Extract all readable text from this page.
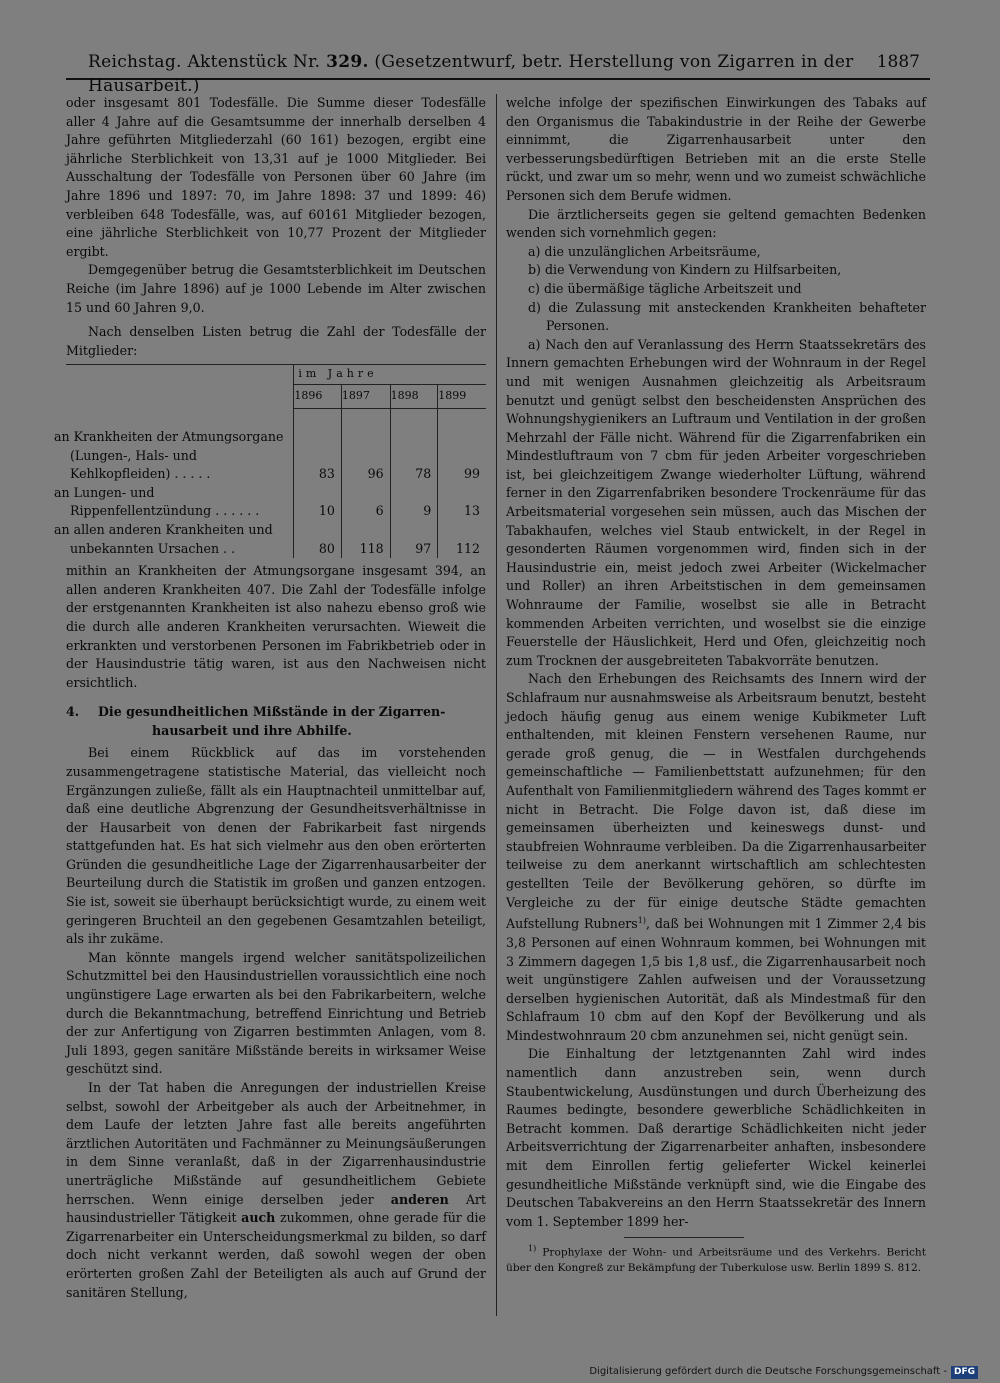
Reichstag. Aktenstück Nr. 329. (Gesetzentwurf, betr. Herstellung von Zigarren in der Hausarbeit.)
1887

oder insgesamt 801 Todesfälle. Die Summe dieser Todesfälle aller 4 Jahre auf die Gesamtsumme der innerhalb derselben 4 Jahre geführten Mitgliederzahl (60 161) bezogen, ergibt eine jährliche Sterblichkeit von 13,31 auf je 1000 Mitglieder. Bei Ausschaltung der Todesfälle von Personen über 60 Jahre (im Jahre 1896 und 1897: 70, im Jahre 1898: 37 und 1899: 46) verbleiben 648 Todesfälle, was, auf 60161 Mitglieder bezogen, eine jährliche Sterblichkeit von 10,77 Prozent der Mitglieder ergibt.

Demgegenüber betrug die Gesamtsterblichkeit im Deutschen Reiche (im Jahre 1896) auf je 1000 Lebende im Alter zwischen 15 und 60 Jahren 9,0.

Nach denselben Listen betrug die Zahl der Todesfälle der Mitglieder:

	im Jahre			
	1896	1897	1898	1899
an Krankheiten der Atmungsorgane (Lungen-, Hals- und Kehlkopfleiden) . . . . .	83	96	78	99
an Lungen- und Rippenfellentzündung . . . . . .	10	6	9	13
an allen anderen Krankheiten und unbekannten Ursachen . .	80	118	97	112

mithin an Krankheiten der Atmungsorgane insgesamt 394, an allen anderen Krankheiten 407. Die Zahl der Todesfälle infolge der erstgenannten Krankheiten ist also nahezu ebenso groß wie die durch alle anderen Krankheiten verursachten. Wieweit die erkrankten und verstorbenen Personen im Fabrikbetrieb oder in der Hausindustrie tätig waren, ist aus den Nachweisen nicht ersichtlich.

4. Die gesundheitlichen Mißstände in der Zigarren-
hausarbeit und ihre Abhilfe.

Bei einem Rückblick auf das im vorstehenden zusammengetragene statistische Material, das vielleicht noch Ergänzungen zuließe, fällt als ein Hauptnachteil unmittelbar auf, daß eine deutliche Abgrenzung der Gesundheitsverhältnisse in der Hausarbeit von denen der Fabrikarbeit fast nirgends stattgefunden hat. Es hat sich vielmehr aus den oben erörterten Gründen die gesundheitliche Lage der Zigarrenhausarbeiter der Beurteilung durch die Statistik im großen und ganzen entzogen. Sie ist, soweit sie überhaupt berücksichtigt wurde, zu einem weit geringeren Bruchteil an den gegebenen Gesamtzahlen beteiligt, als ihr zukäme.

Man könnte mangels irgend welcher sanitätspolizeilichen Schutzmittel bei den Hausindustriellen voraussichtlich eine noch ungünstigere Lage erwarten als bei den Fabrikarbeitern, welche durch die Bekanntmachung, betreffend Einrichtung und Betrieb der zur Anfertigung von Zigarren bestimmten Anlagen, vom 8. Juli 1893, gegen sanitäre Mißstände bereits in wirksamer Weise geschützt sind.

In der Tat haben die Anregungen der industriellen Kreise selbst, sowohl der Arbeitgeber als auch der Arbeitnehmer, in dem Laufe der letzten Jahre fast alle bereits angeführten ärztlichen Autoritäten und Fachmänner zu Meinungsäußerungen in dem Sinne veranlaßt, daß in der Zigarrenhausindustrie unerträgliche Mißstände auf gesundheitlichem Gebiete herrschen. Wenn einige derselben jeder anderen Art hausindustrieller Tätigkeit auch zukommen, ohne gerade für die Zigarrenarbeiter ein Unterscheidungsmerkmal zu bilden, so darf doch nicht verkannt werden, daß sowohl wegen der oben erörterten großen Zahl der Beteiligten als auch auf Grund der sanitären Stellung,

welche infolge der spezifischen Einwirkungen des Tabaks auf den Organismus die Tabakindustrie in der Reihe der Gewerbe einnimmt, die Zigarrenhausarbeit unter den verbesserungsbedürftigen Betrieben mit an die erste Stelle rückt, und zwar um so mehr, wenn und wo zumeist schwächliche Personen sich dem Berufe widmen.

Die ärztlicherseits gegen sie geltend gemachten Bedenken wenden sich vornehmlich gegen:

a) die unzulänglichen Arbeitsräume,
b) die Verwendung von Kindern zu Hilfsarbeiten,
c) die übermäßige tägliche Arbeitszeit und
d) die Zulassung mit ansteckenden Krankheiten behafteter Personen.

a) Nach den auf Veranlassung des Herrn Staatssekretärs des Innern gemachten Erhebungen wird der Wohnraum in der Regel und mit wenigen Ausnahmen gleichzeitig als Arbeitsraum benutzt und genügt selbst den bescheidensten Ansprüchen des Wohnungshygienikers an Luftraum und Ventilation in der großen Mehrzahl der Fälle nicht. Während für die Zigarrenfabriken ein Mindestluftraum von 7 cbm für jeden Arbeiter vorgeschrieben ist, bei gleichzeitigem Zwange wiederholter Lüftung, während ferner in den Zigarrenfabriken besondere Trockenräume für das Arbeitsmaterial vorgesehen sein müssen, auch das Mischen der Tabakhaufen, welches viel Staub entwickelt, in der Regel in gesonderten Räumen vorgenommen wird, finden sich in der Hausindustrie ein, meist jedoch zwei Arbeiter (Wickelmacher und Roller) an ihren Arbeitstischen in dem gemeinsamen Wohnraume der Familie, woselbst sie alle in Betracht kommenden Arbeiten verrichten, und woselbst sie die einzige Feuerstelle der Häuslichkeit, Herd und Ofen, gleichzeitig noch zum Trocknen der ausgebreiteten Tabakvorräte benutzen.

Nach den Erhebungen des Reichsamts des Innern wird der Schlafraum nur ausnahmsweise als Arbeitsraum benutzt, besteht jedoch häufig genug aus einem wenige Kubikmeter Luft enthaltenden, mit kleinen Fenstern versehenen Raume, nur gerade groß genug, die — in Westfalen durchgehends gemeinschaftliche — Familienbettstatt aufzunehmen; für den Aufenthalt von Familienmitgliedern während des Tages kommt er nicht in Betracht. Die Folge davon ist, daß diese im gemeinsamen überheizten und keineswegs dunst- und staubfreien Wohnraume verbleiben. Da die Zigarrenhausarbeiter teilweise zu dem anerkannt wirtschaftlich am schlechtesten gestellten Teile der Bevölkerung gehören, so dürfte im Vergleiche zu der für einige deutsche Städte gemachten Aufstellung Rubners$^{1)}$, daß bei Wohnungen mit 1 Zimmer 2,4 bis 3,8 Personen auf einen Wohnraum kommen, bei Wohnungen mit 3 Zimmern dagegen 1,5 bis 1,8 usf., die Zigarrenhausarbeit noch weit ungünstigere Zahlen aufweisen und der Voraussetzung derselben hygienischen Autorität, daß als Mindestmaß für den Schlafraum 10 cbm auf den Kopf der Bevölkerung und als Mindestwohnraum 20 cbm anzunehmen sei, nicht genügt sein.

Die Einhaltung der letztgenannten Zahl wird indes namentlich dann anzustreben sein, wenn durch Staubentwickelung, Ausdünstungen und durch Überheizung des Raumes bedingte, besondere gewerbliche Schädlichkeiten in Betracht kommen. Daß derartige Schädlichkeiten nicht jeder Arbeitsverrichtung der Zigarrenarbeiter anhaften, insbesondere mit dem Einrollen fertig gelieferter Wickel keinerlei gesundheitliche Mißstände verknüpft sind, wie die Eingabe des Deutschen Tabakvereins an den Herrn Staatssekretär des Innern vom 1. September 1899 her-

$^{1)}$ Prophylaxe der Wohn- und Arbeitsräume und des Verkehrs. Bericht über den Kongreß zur Bekämpfung der Tuberkulose usw. Berlin 1899 S. 812.

Digitalisierung gefördert durch die Deutsche Forschungsgemeinschaft - DFG
